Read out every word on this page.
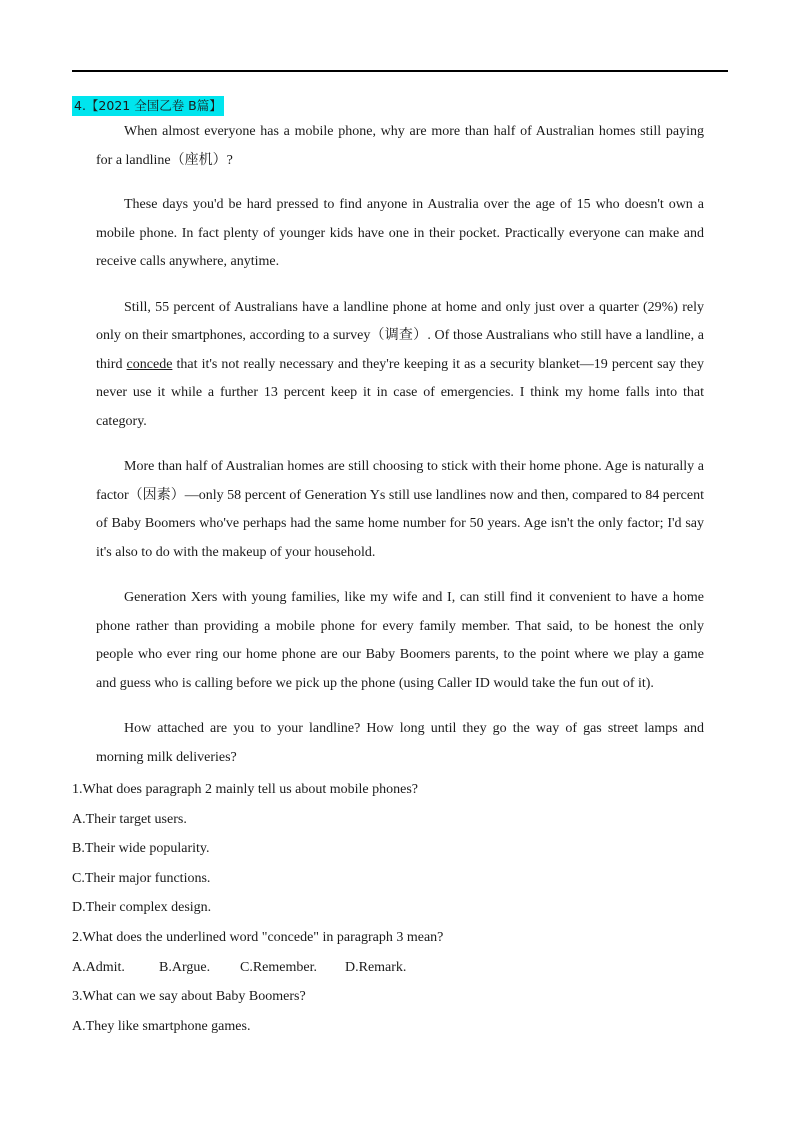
4.【2021 全国乙卷 B篇】

When almost everyone has a mobile phone, why are more than half of Australian homes still paying for a landline（座机）?

These days you'd be hard pressed to find anyone in Australia over the age of 15 who doesn't own a mobile phone. In fact plenty of younger kids have one in their pocket. Practically everyone can make and receive calls anywhere, anytime.

Still, 55 percent of Australians have a landline phone at home and only just over a quarter (29%) rely only on their smartphones, according to a survey（调查）. Of those Australians who still have a landline, a third concede that it's not really necessary and they're keeping it as a security blanket—19 percent say they never use it while a further 13 percent keep it in case of emergencies. I think my home falls into that category.

More than half of Australian homes are still choosing to stick with their home phone. Age is naturally a factor（因素）—only 58 percent of Generation Ys still use landlines now and then, compared to 84 percent of Baby Boomers who've perhaps had the same home number for 50 years. Age isn't the only factor; I'd say it's also to do with the makeup of your household.

Generation Xers with young families, like my wife and I, can still find it convenient to have a home phone rather than providing a mobile phone for every family member. That said, to be honest the only people who ever ring our home phone are our Baby Boomers parents, to the point where we play a game and guess who is calling before we pick up the phone (using Caller ID would take the fun out of it).

How attached are you to your landline? How long until they go the way of gas street lamps and morning milk deliveries?

1.What does paragraph 2 mainly tell us about mobile phones?
A.Their target users.
B.Their wide popularity.
C.Their major functions.
D.Their complex design.
2.What does the underlined word "concede" in paragraph 3 mean?
A.Admit. B.Argue. C.Remember. D.Remark.
3.What can we say about Baby Boomers?
A.They like smartphone games.
